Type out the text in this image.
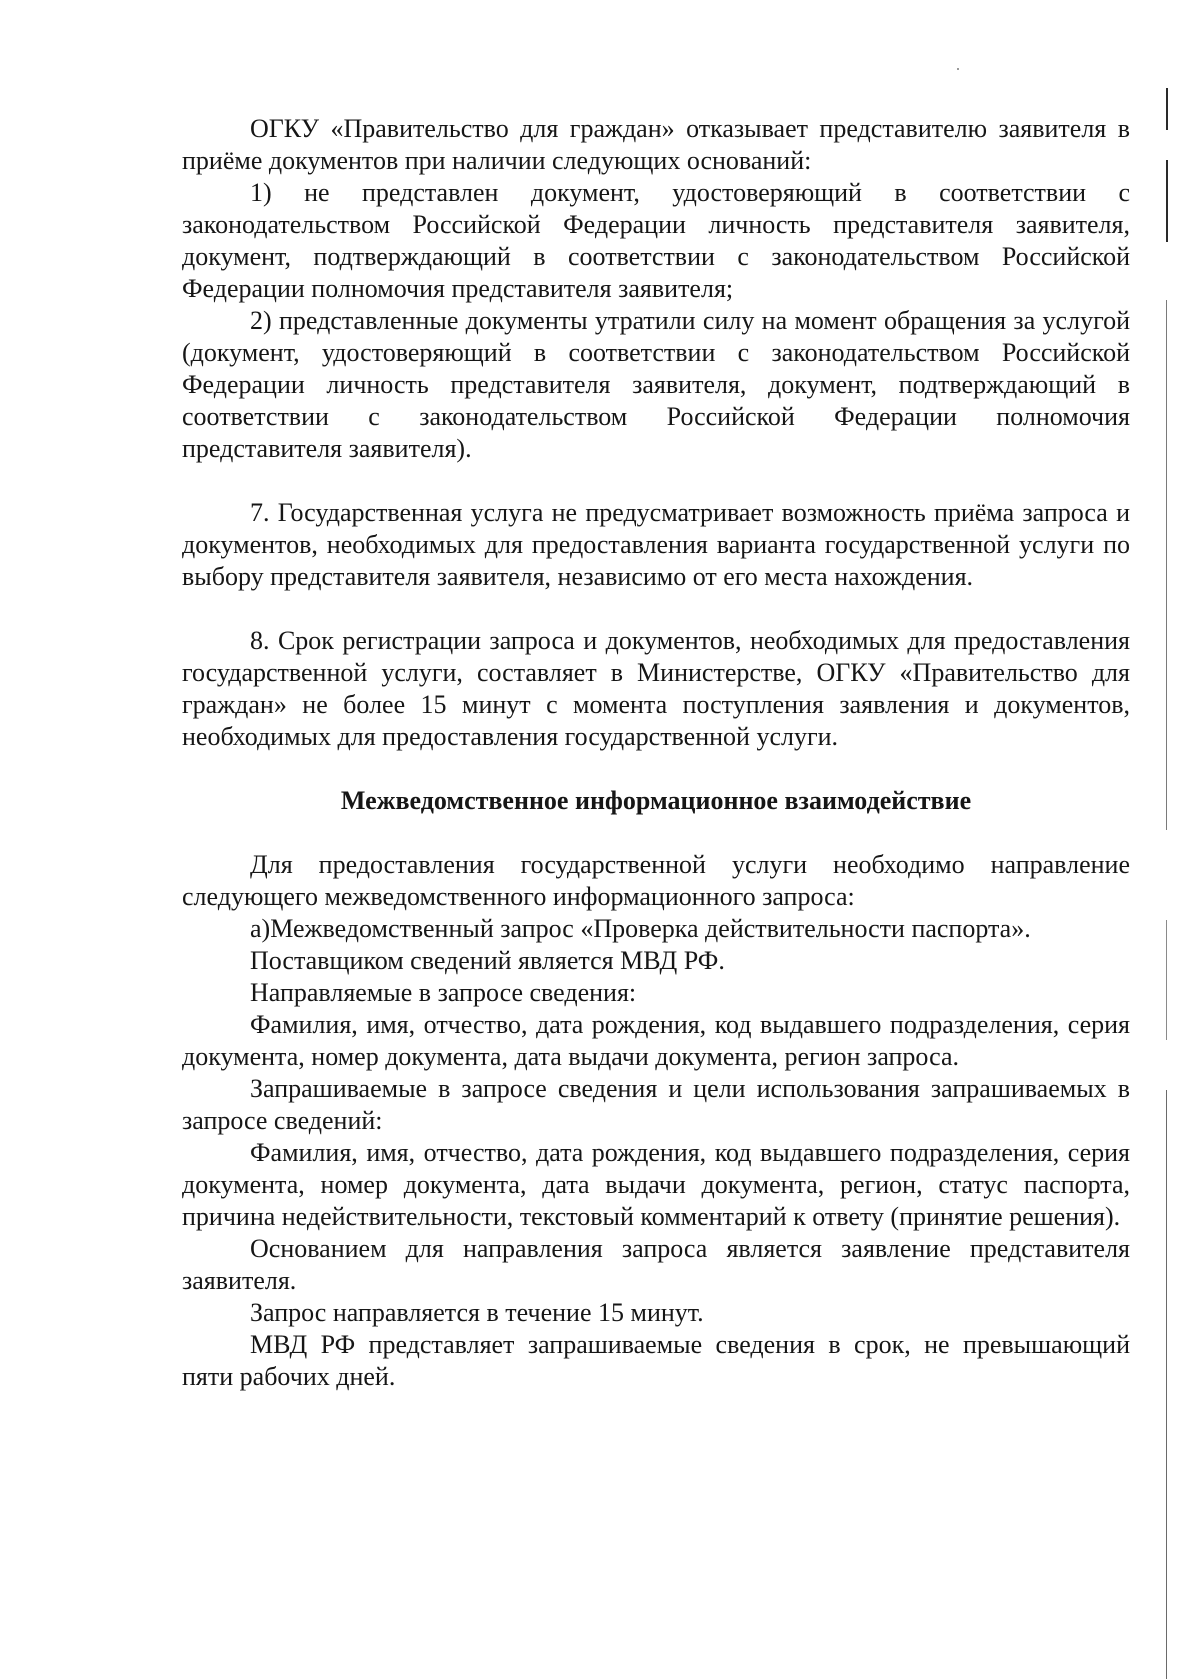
ОГКУ «Правительство для граждан» отказывает представителю заявителя в приёме документов при наличии следующих оснований:

1) не представлен документ, удостоверяющий в соответствии с законодательством Российской Федерации личность представителя заявителя, документ, подтверждающий в соответствии с законодательством Российской Федерации полномочия представителя заявителя;

2) представленные документы утратили силу на момент обращения за услугой (документ, удостоверяющий в соответствии с законодательством Российской Федерации личность представителя заявителя, документ, подтверждающий в соответствии с законодательством Российской Федерации полномочия представителя заявителя).

7. Государственная услуга не предусматривает возможность приёма запроса и документов, необходимых для предоставления варианта государственной услуги по выбору представителя заявителя, независимо от его места нахождения.

8. Срок регистрации запроса и документов, необходимых для предоставления государственной услуги, составляет в Министерстве, ОГКУ «Правительство для граждан» не более 15 минут с момента поступления заявления и документов, необходимых для предоставления государственной услуги.

Межведомственное информационное взаимодействие

Для предоставления государственной услуги необходимо направление следующего межведомственного информационного запроса:

а)Межведомственный запрос «Проверка действительности паспорта».

Поставщиком сведений является МВД РФ.

Направляемые в запросе сведения:

Фамилия, имя, отчество, дата рождения, код выдавшего подразделения, серия документа, номер документа, дата выдачи документа, регион запроса.

Запрашиваемые в запросе сведения и цели использования запрашиваемых в запросе сведений:

Фамилия, имя, отчество, дата рождения, код выдавшего подразделения, серия документа, номер документа, дата выдачи документа, регион, статус паспорта, причина недействительности, текстовый комментарий к ответу (принятие решения).

Основанием для направления запроса является заявление представителя заявителя.

Запрос направляется в течение 15 минут.

МВД РФ представляет запрашиваемые сведения в срок, не превышающий пяти рабочих дней.
